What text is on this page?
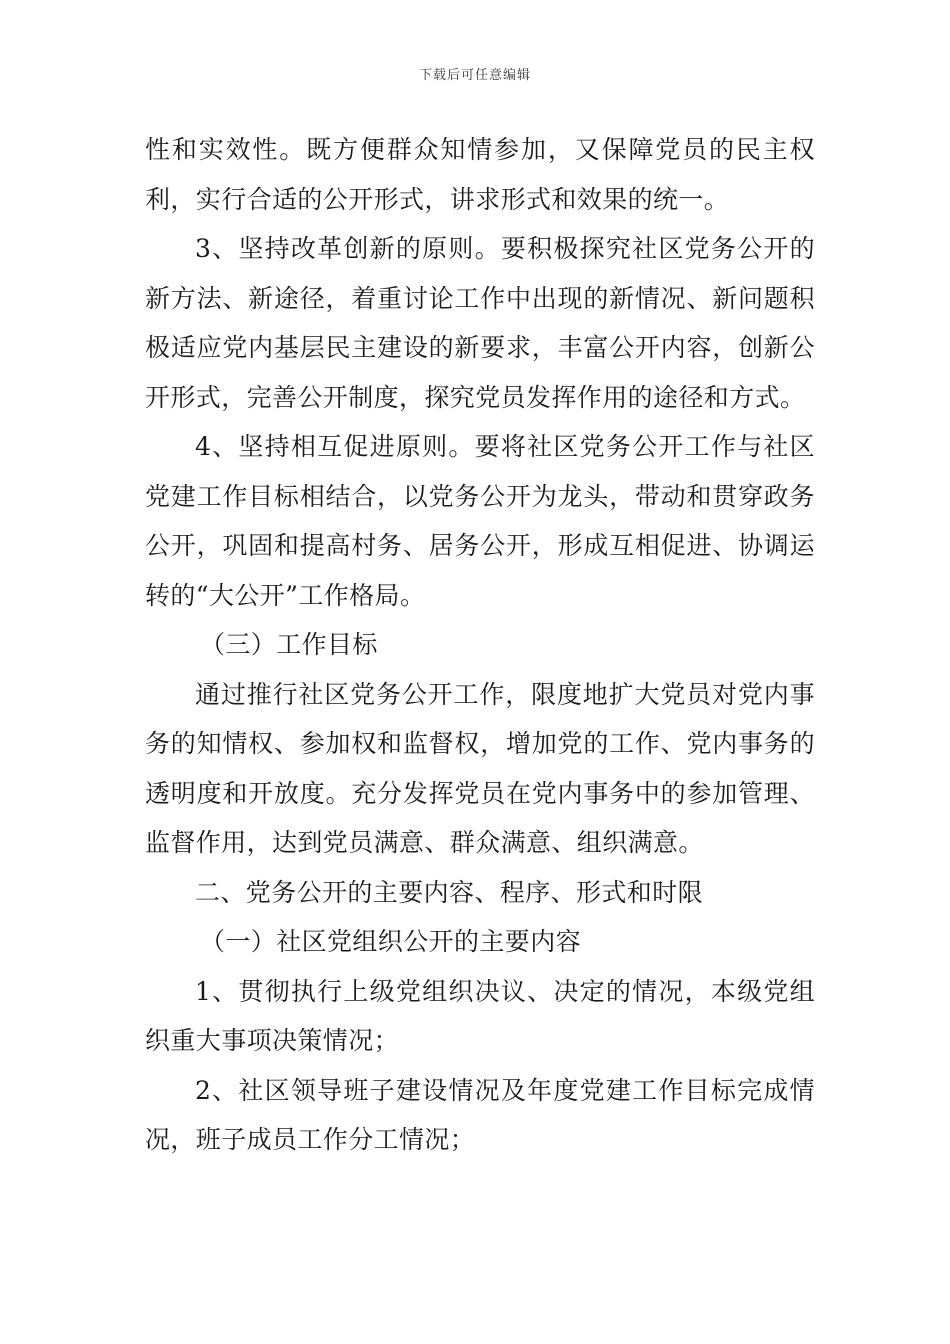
下载后可任意编辑

性和实效性。既方便群众知情参加，又保障党员的民主权利，实行合适的公开形式，讲求形式和效果的统一。

3、坚持改革创新的原则。要积极探究社区党务公开的新方法、新途径，着重讨论工作中出现的新情况、新问题积极适应党内基层民主建设的新要求，丰富公开内容，创新公开形式，完善公开制度，探究党员发挥作用的途径和方式。

4、坚持相互促进原则。要将社区党务公开工作与社区党建工作目标相结合，以党务公开为龙头，带动和贯穿政务公开，巩固和提高村务、居务公开，形成互相促进、协调运转的“大公开”工作格局。

（三）工作目标

通过推行社区党务公开工作，限度地扩大党员对党内事务的知情权、参加权和监督权，增加党的工作、党内事务的透明度和开放度。充分发挥党员在党内事务中的参加管理、监督作用，达到党员满意、群众满意、组织满意。

二、党务公开的主要内容、程序、形式和时限

（一）社区党组织公开的主要内容

1、贯彻执行上级党组织决议、决定的情况，本级党组织重大事项决策情况；

2、社区领导班子建设情况及年度党建工作目标完成情况，班子成员工作分工情况；
